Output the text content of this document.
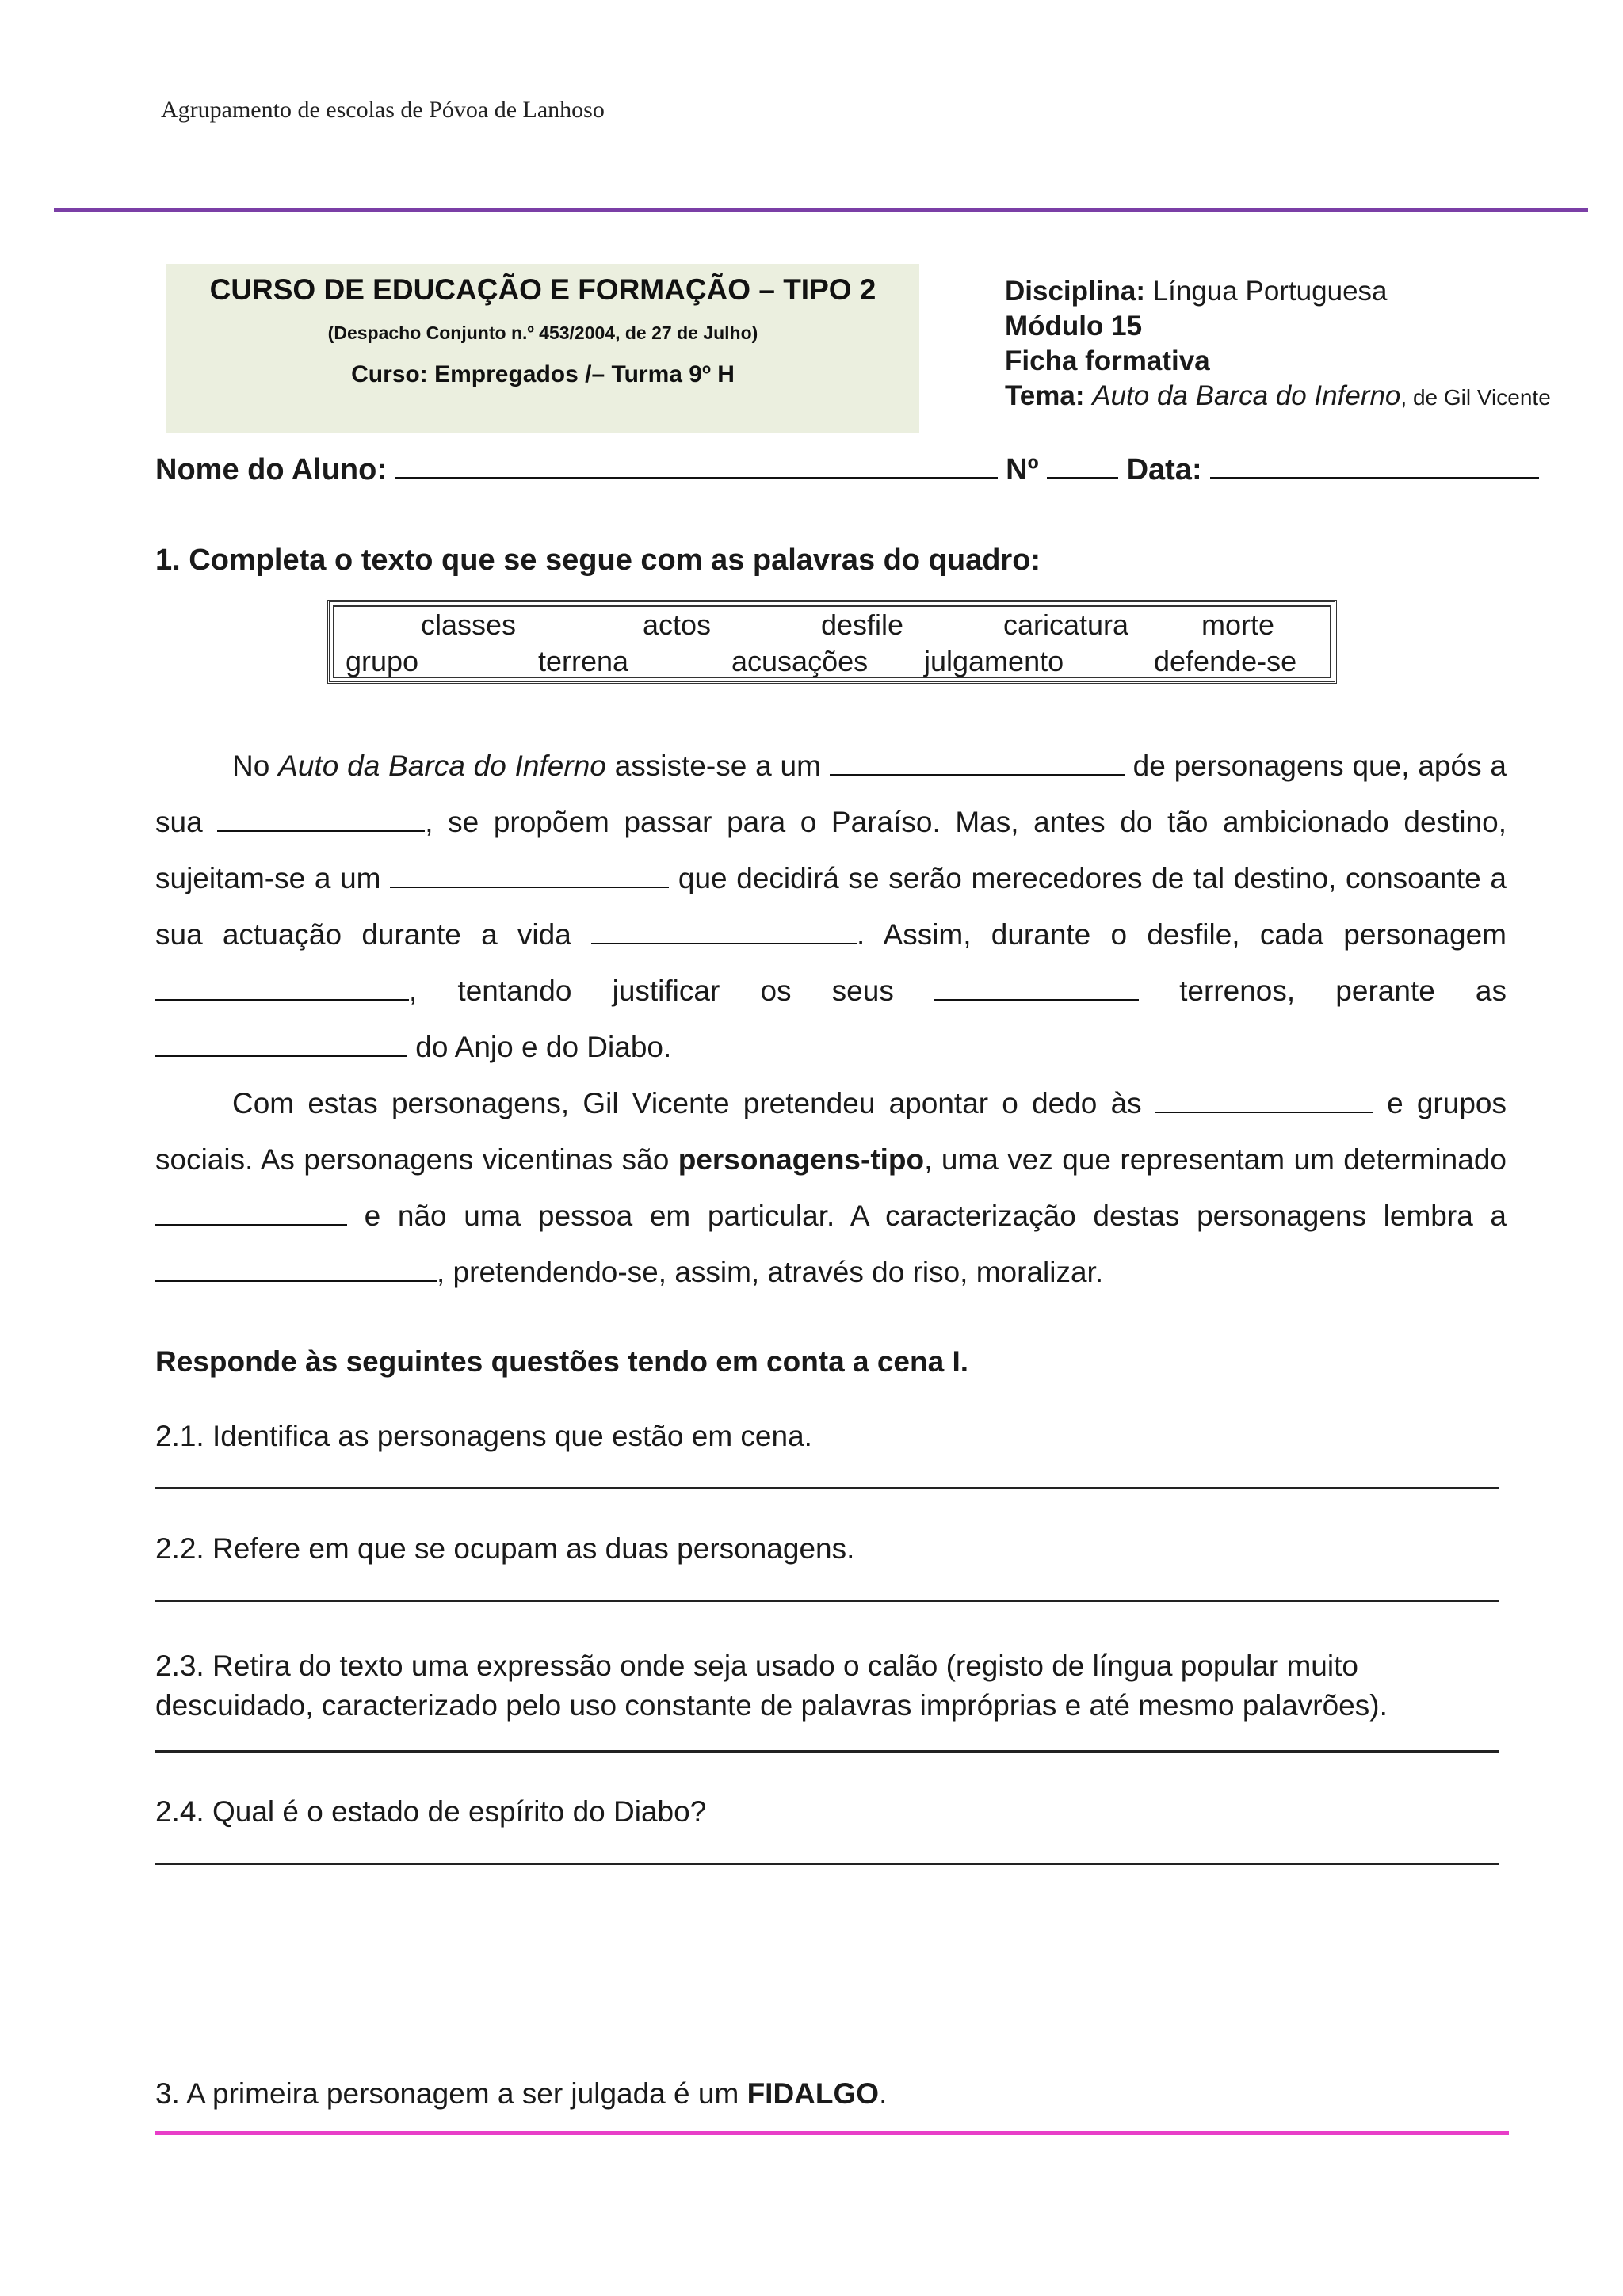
Agrupamento de escolas de Póvoa de Lanhoso
CURSO DE EDUCAÇÃO E FORMAÇÃO – TIPO 2
(Despacho Conjunto n.º 453/2004, de 27 de Julho)
Curso: Empregados /– Turma 9º H
Disciplina: Língua Portuguesa
Módulo 15
Ficha formativa
Tema: Auto da Barca do Inferno, de Gil Vicente
Nome do Aluno:	Nº	Data:
1. Completa o texto que se segue com as palavras do quadro:
classes	actos	desfile	caricatura	morte
grupo	terrena	acusações julgamento	defende-se

No Auto da Barca do Inferno assiste-se a um	de personagens que, após a sua	, se propõem passar para o Paraíso. Mas, antes do tão ambicionado destino, sujeitam-se a um	que decidirá se serão merecedores de tal destino, consoante a sua actuação durante a vida	. Assim, durante o desfile, cada personagem , tentando justificar os seus	terrenos, perante as  do Anjo e do Diabo.

Com estas personagens, Gil Vicente pretendeu apontar o dedo às	e grupos sociais. As personagens vicentinas são personagens-tipo, uma vez que representam um determinado  e não uma pessoa em particular. A caracterização destas personagens lembra a , pretendendo-se, assim, através do riso, moralizar.

Responde às seguintes questões tendo em conta a cena I.
2.1. Identifica as personagens que estão em cena.
2.2. Refere em que se ocupam as duas personagens.
2.3. Retira do texto uma expressão onde seja usado o calão (registo de língua popular muito descuidado, caracterizado pelo uso constante de palavras impróprias e até mesmo palavrões).
2.4. Qual é o estado de espírito do Diabo?
3. A primeira personagem a ser julgada é um FIDALGO.
